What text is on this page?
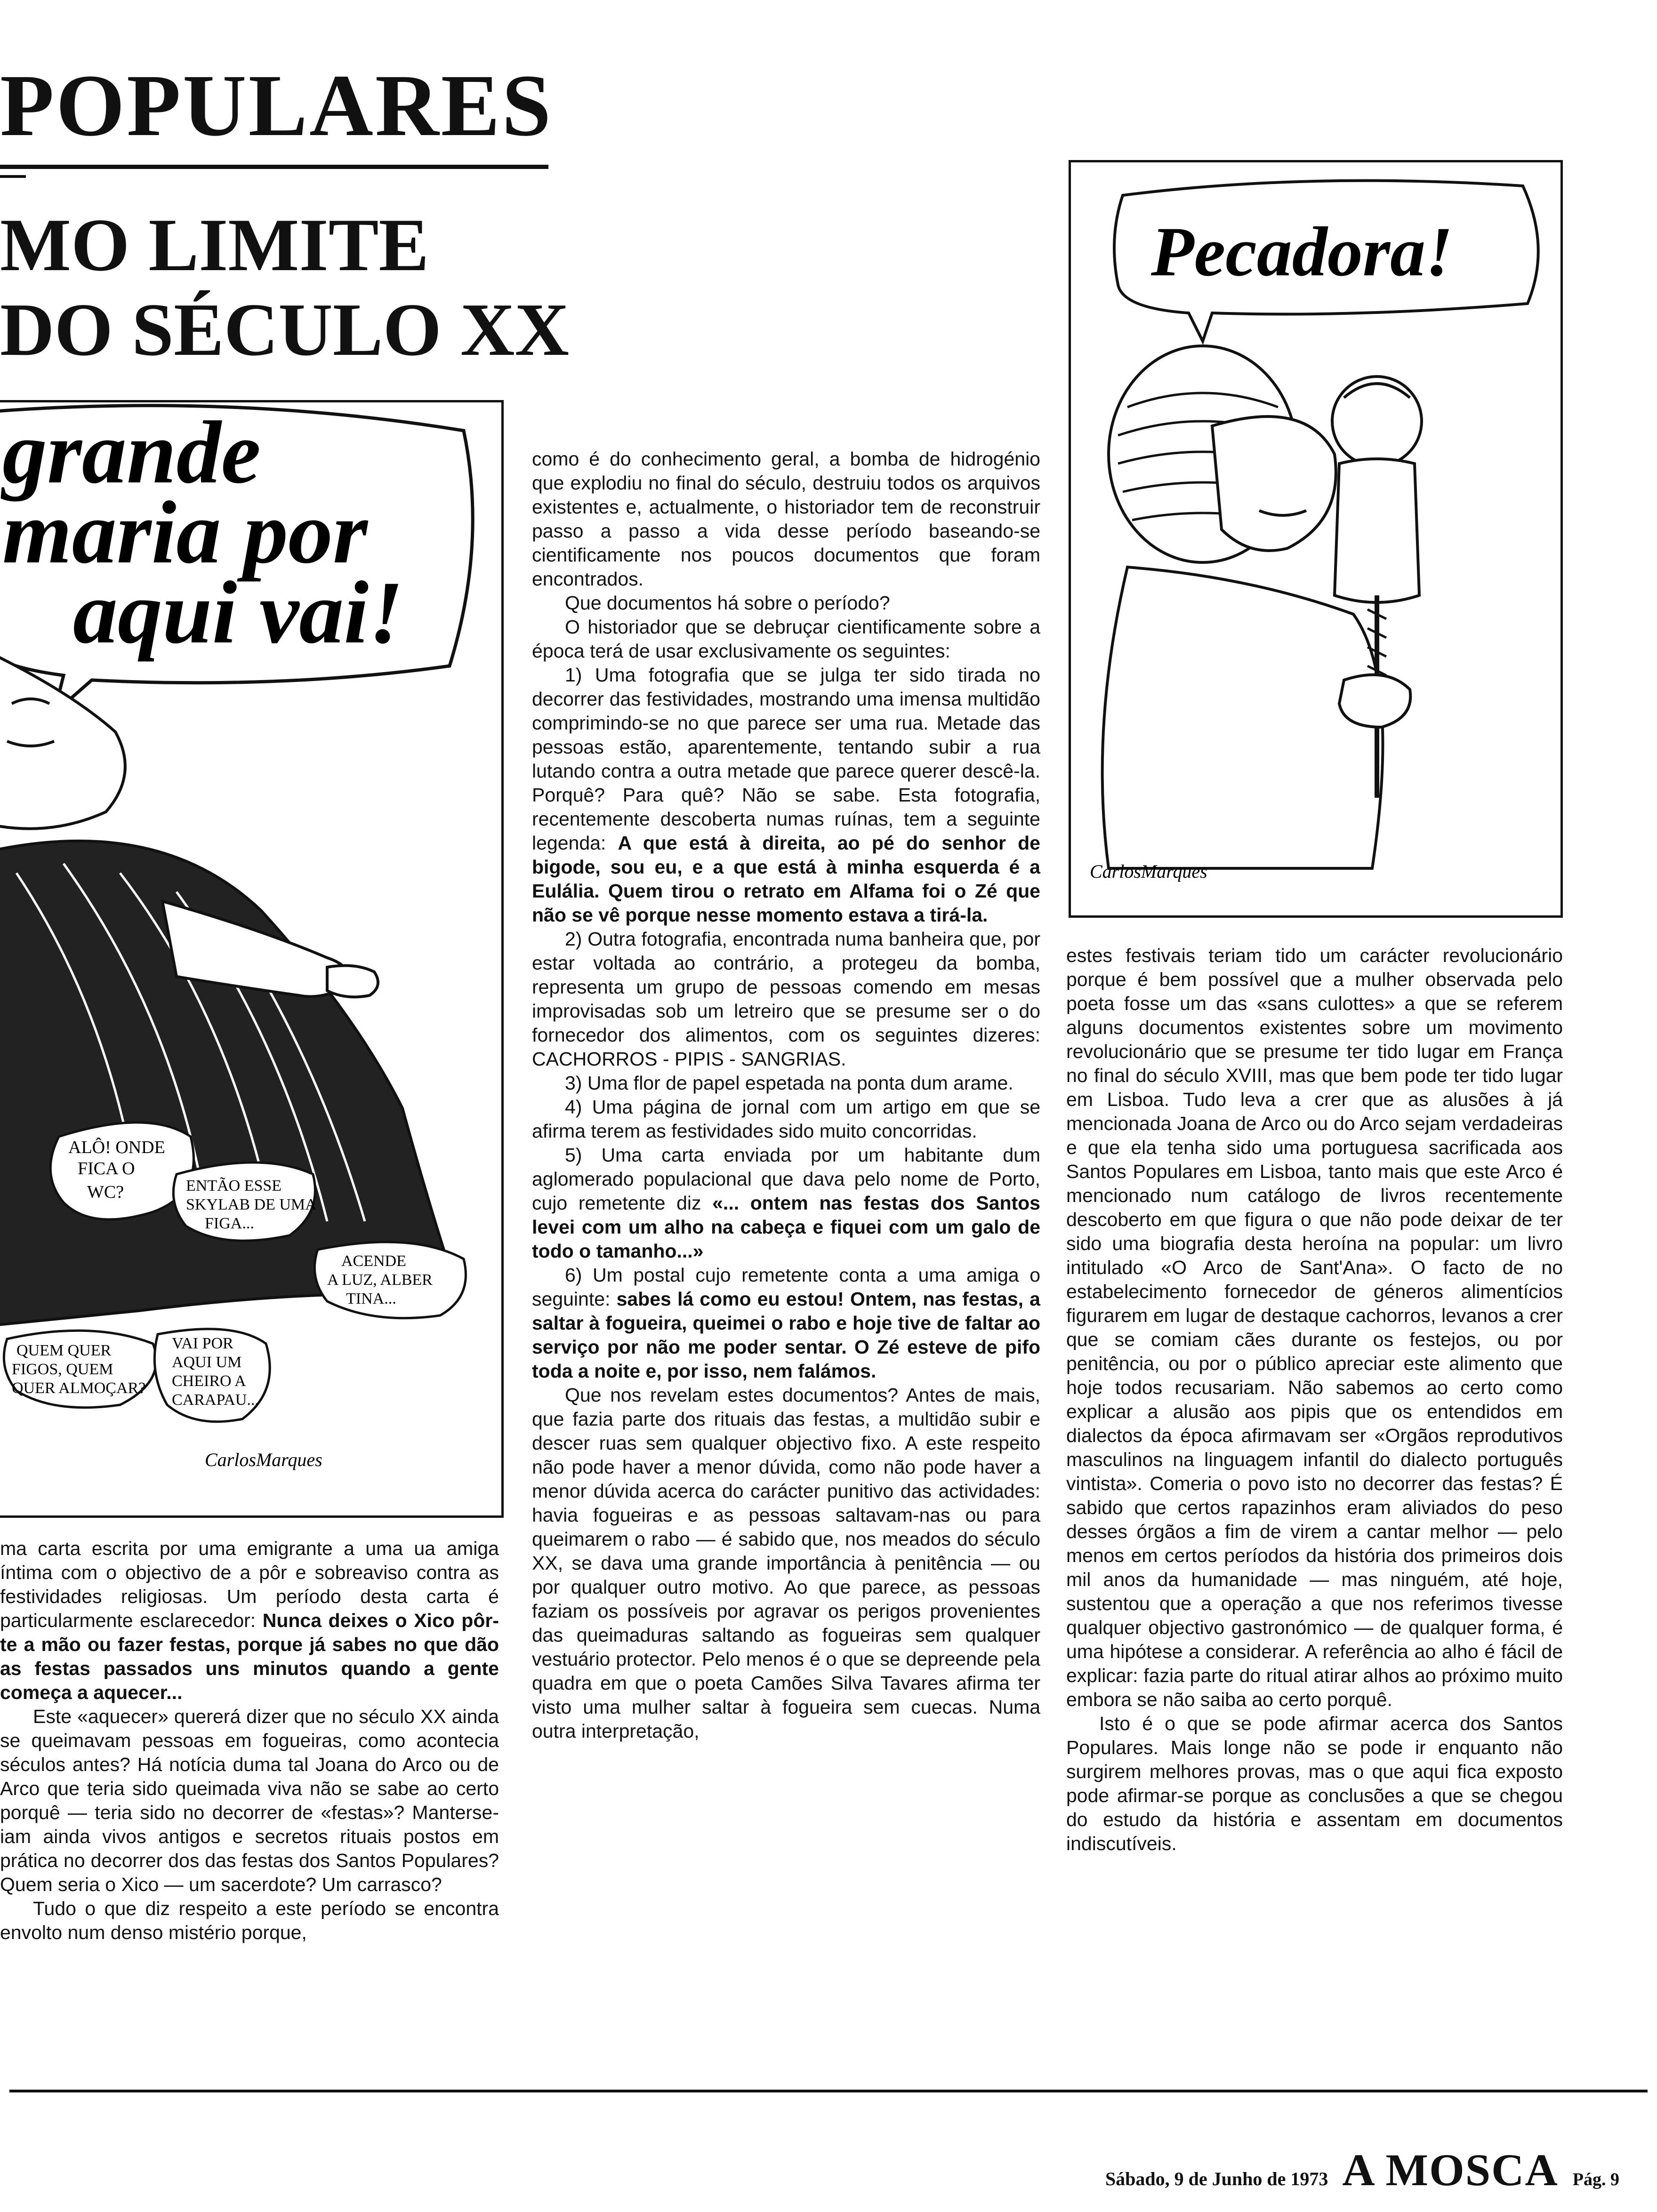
POPULARES
MO LIMITE
DO SÉCULO XX
grande
maria por
aqui vai!
ALÔ! ONDE
FICA O
WC?	ENTÃO ESSE
SKYLAB DE UMA
FIGA...
ACENDE
A LUZ, ALBER
TINA...
QUEM QUER
FIGOS, QUEM
QUER ALMOÇAR?
VAI POR
AQUI UM
CHEIRO A
CARAPAU...
CarlosMarques
Pecadora!
CarlosMarques

ma carta escrita por uma emigrante a uma ua amiga íntima com o objectivo de a pôr e sobreaviso contra as festividades religiosas. Um período desta carta é particularmente esclarecedor: Nunca deixes o Xico pôr-te a mão ou fazer festas, porque já sabes no que dão as festas passados uns minutos quando a gente começa a aquecer...

Este «aquecer» quererá dizer que no século XX ainda se queimavam pessoas em fogueiras, como acontecia séculos antes? Há notícia duma tal Joana do Arco ou de Arco que teria sido queimada viva não se sabe ao certo porquê — teria sido no decorrer de «festas»? Manterse-iam ainda vivos antigos e secretos rituais postos em prática no decorrer dos das festas dos Santos Populares? Quem seria o Xico — um sacerdote? Um carrasco?

Tudo o que diz respeito a este período se encontra envolto num denso mistério porque,

como é do conhecimento geral, a bomba de hidrogénio que explodiu no final do século, destruiu todos os arquivos existentes e, actualmente, o historiador tem de reconstruir passo a passo a vida desse período baseando-se cientificamente nos poucos documentos que foram encontrados.

Que documentos há sobre o período?

O historiador que se debruçar cientificamente sobre a época terá de usar exclusivamente os seguintes:

1) Uma fotografia que se julga ter sido tirada no decorrer das festividades, mostrando uma imensa multidão comprimindo-se no que parece ser uma rua. Metade das pessoas estão, aparentemente, tentando subir a rua lutando contra a outra metade que parece querer descê-la. Porquê? Para quê? Não se sabe. Esta fotografia, recentemente descoberta numas ruínas, tem a seguinte legenda: A que está à direita, ao pé do senhor de bigode, sou eu, e a que está à minha esquerda é a Eulália. Quem tirou o retrato em Alfama foi o Zé que não se vê porque nesse momento estava a tirá-la.

2) Outra fotografia, encontrada numa banheira que, por estar voltada ao contrário, a protegeu da bomba, representa um grupo de pessoas comendo em mesas improvisadas sob um letreiro que se presume ser o do fornecedor dos alimentos, com os seguintes dizeres: CACHORROS - PIPIS - SANGRIAS.

3) Uma flor de papel espetada na ponta dum arame.

4) Uma página de jornal com um artigo em que se afirma terem as festividades sido muito concorridas.

5) Uma carta enviada por um habitante dum aglomerado populacional que dava pelo nome de Porto, cujo remetente diz «... ontem nas festas dos Santos levei com um alho na cabeça e fiquei com um galo de todo o tamanho...»

6) Um postal cujo remetente conta a uma amiga o seguinte: sabes lá como eu estou! Ontem, nas festas, a saltar à fogueira, queimei o rabo e hoje tive de faltar ao serviço por não me poder sentar. O Zé esteve de pifo toda a noite e, por isso, nem falámos.

Que nos revelam estes documentos? Antes de mais, que fazia parte dos rituais das festas, a multidão subir e descer ruas sem qualquer objectivo fixo. A este respeito não pode haver a menor dúvida, como não pode haver a menor dúvida acerca do carácter punitivo das actividades: havia fogueiras e as pessoas saltavam-nas ou para queimarem o rabo — é sabido que, nos meados do século XX, se dava uma grande importância à penitência — ou por qualquer outro motivo. Ao que parece, as pessoas faziam os possíveis por agravar os perigos provenientes das queimaduras saltando as fogueiras sem qualquer vestuário protector. Pelo menos é o que se depreende pela quadra em que o poeta Camões Silva Tavares afirma ter visto uma mulher saltar à fogueira sem cuecas. Numa outra interpretação,

estes festivais teriam tido um carácter revolucionário porque é bem possível que a mulher observada pelo poeta fosse um das «sans culottes» a que se referem alguns documentos existentes sobre um movimento revolucionário que se presume ter tido lugar em França no final do século XVIII, mas que bem pode ter tido lugar em Lisboa. Tudo leva a crer que as alusões à já mencionada Joana de Arco ou do Arco sejam verdadeiras e que ela tenha sido uma portuguesa sacrificada aos Santos Populares em Lisboa, tanto mais que este Arco é mencionado num catálogo de livros recentemente descoberto em que figura o que não pode deixar de ter sido uma biografia desta heroína na popular: um livro intitulado «O Arco de Sant'Ana». O facto de no estabelecimento fornecedor de géneros alimentícios figurarem em lugar de destaque cachorros, levanos a crer que se comiam cães durante os festejos, ou por penitência, ou por o público apreciar este alimento que hoje todos recusariam. Não sabemos ao certo como explicar a alusão aos pipis que os entendidos em dialectos da época afirmavam ser «Orgãos reprodutivos masculinos na linguagem infantil do dialecto português vintista». Comeria o povo isto no decorrer das festas? É sabido que certos rapazinhos eram aliviados do peso desses órgãos a fim de virem a cantar melhor — pelo menos em certos períodos da história dos primeiros dois mil anos da humanidade — mas ninguém, até hoje, sustentou que a operação a que nos referimos tivesse qualquer objectivo gastronómico — de qualquer forma, é uma hipótese a considerar. A referência ao alho é fácil de explicar: fazia parte do ritual atirar alhos ao próximo muito embora se não saiba ao certo porquê.

Isto é o que se pode afirmar acerca dos Santos Populares. Mais longe não se pode ir enquanto não surgirem melhores provas, mas o que aqui fica exposto pode afirmar-se porque as conclusões a que se chegou do estudo da história e assentam em documentos indiscutíveis.

Sábado, 9 de Junho de 1973 A MOSCA Pág. 9
